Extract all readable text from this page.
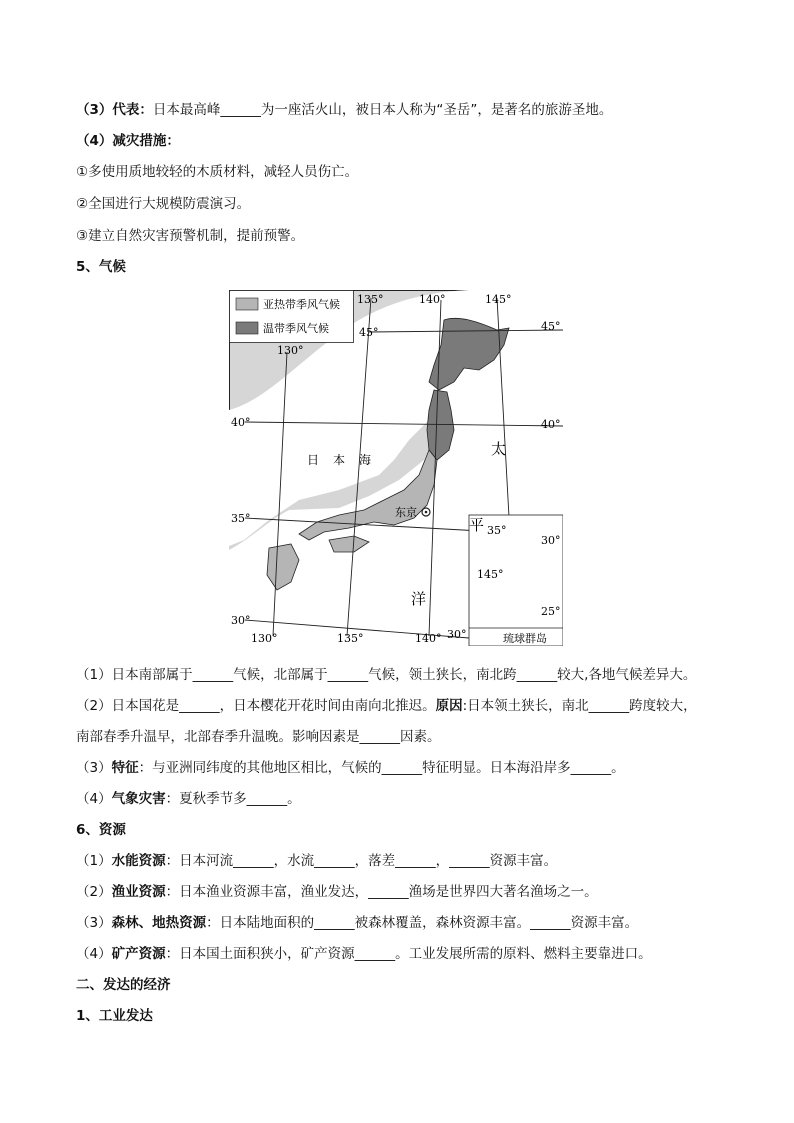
（3）代表：日本最高峰______为一座活火山，被日本人称为“圣岳”，是著名的旅游圣地。
（4）减灾措施：
①多使用质地较轻的木质材料，减轻人员伤亡。
②全国进行大规模防震演习。
③建立自然灾害预警机制，提前预警。
5、气候
亚热带季风气候
温带季风气候
135°	140°	145°
130°
45°	45°
40°	40°
35°
35°
30°
130°	135°	140° 30°
30°
25°
145°
日 本 海
太
平
洋
东京
琉球群岛
（1）日本南部属于______气候，北部属于______气候，领土狭长，南北跨______较大,各地气候差异大。
（2）日本国花是______，日本樱花开花时间由南向北推迟。原因:日本领土狭长，南北______跨度较大，
南部春季升温早，北部春季升温晚。影响因素是______因素。
（3）特征：与亚洲同纬度的其他地区相比，气候的______特征明显。日本海沿岸多______。
（4）气象灾害：夏秋季节多______。
6、资源
（1）水能资源：日本河流______，水流______，落差______，______资源丰富。
（2）渔业资源：日本渔业资源丰富，渔业发达，______渔场是世界四大著名渔场之一。
（3）森林、地热资源：日本陆地面积的______被森林覆盖，森林资源丰富。______资源丰富。
（4）矿产资源：日本国土面积狭小，矿产资源______。工业发展所需的原料、燃料主要靠进口。
二、发达的经济
1、工业发达
